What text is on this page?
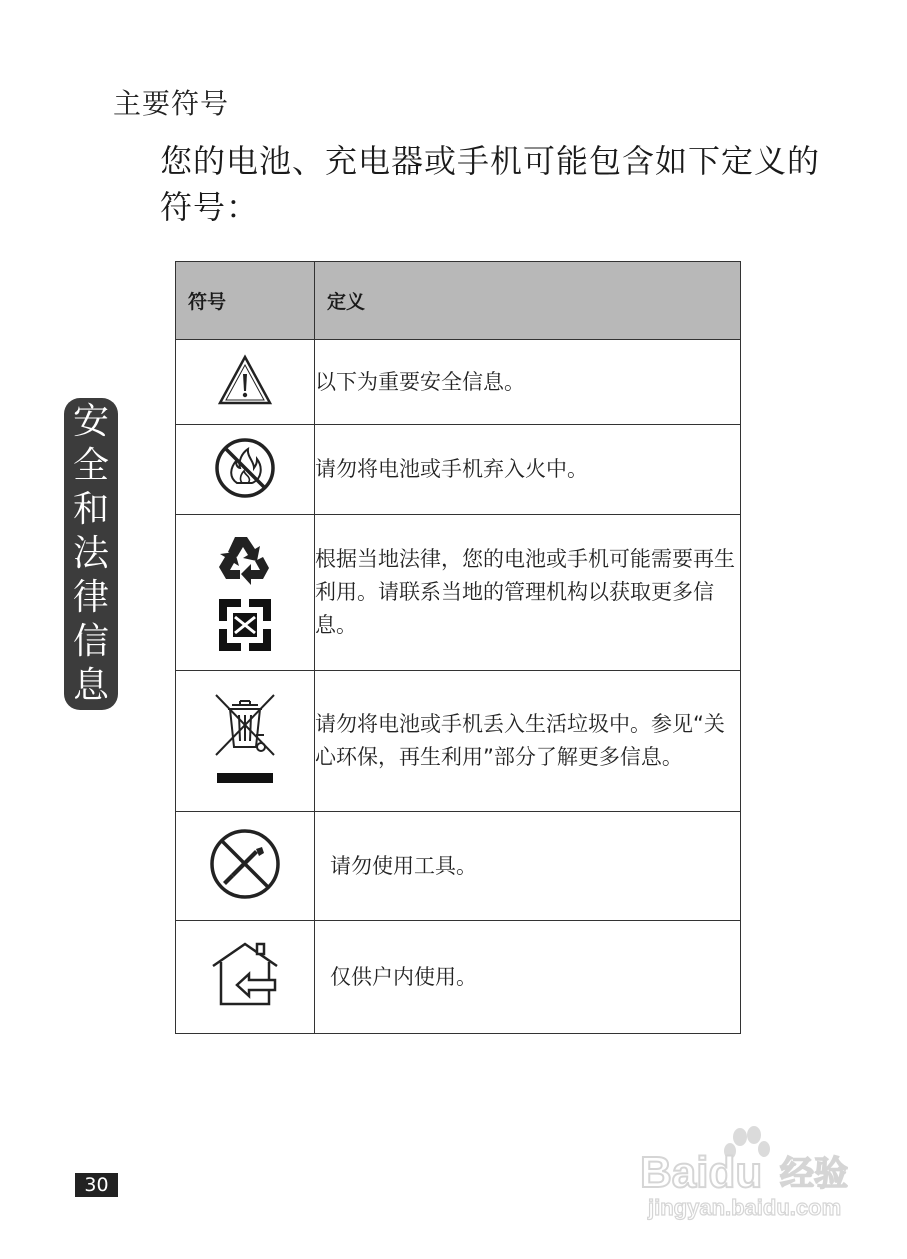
主要符号
您的电池、充电器或手机可能包含如下定义的符号：
安
全
和
法
律
信
息
符号	定义
	以下为重要安全信息。
	请勿将电池或手机弃入火中。

	根据当地法律，您的电池或手机可能需要再生利用。请联系当地的管理机构以获取更多信息。
	请勿将电池或手机丢入生活垃圾中。参见“关心环保，再生利用”部分了解更多信息。
	请勿使用工具。
	仅供户内使用。
30	Baidu 经验
jingyan.baidu.com
